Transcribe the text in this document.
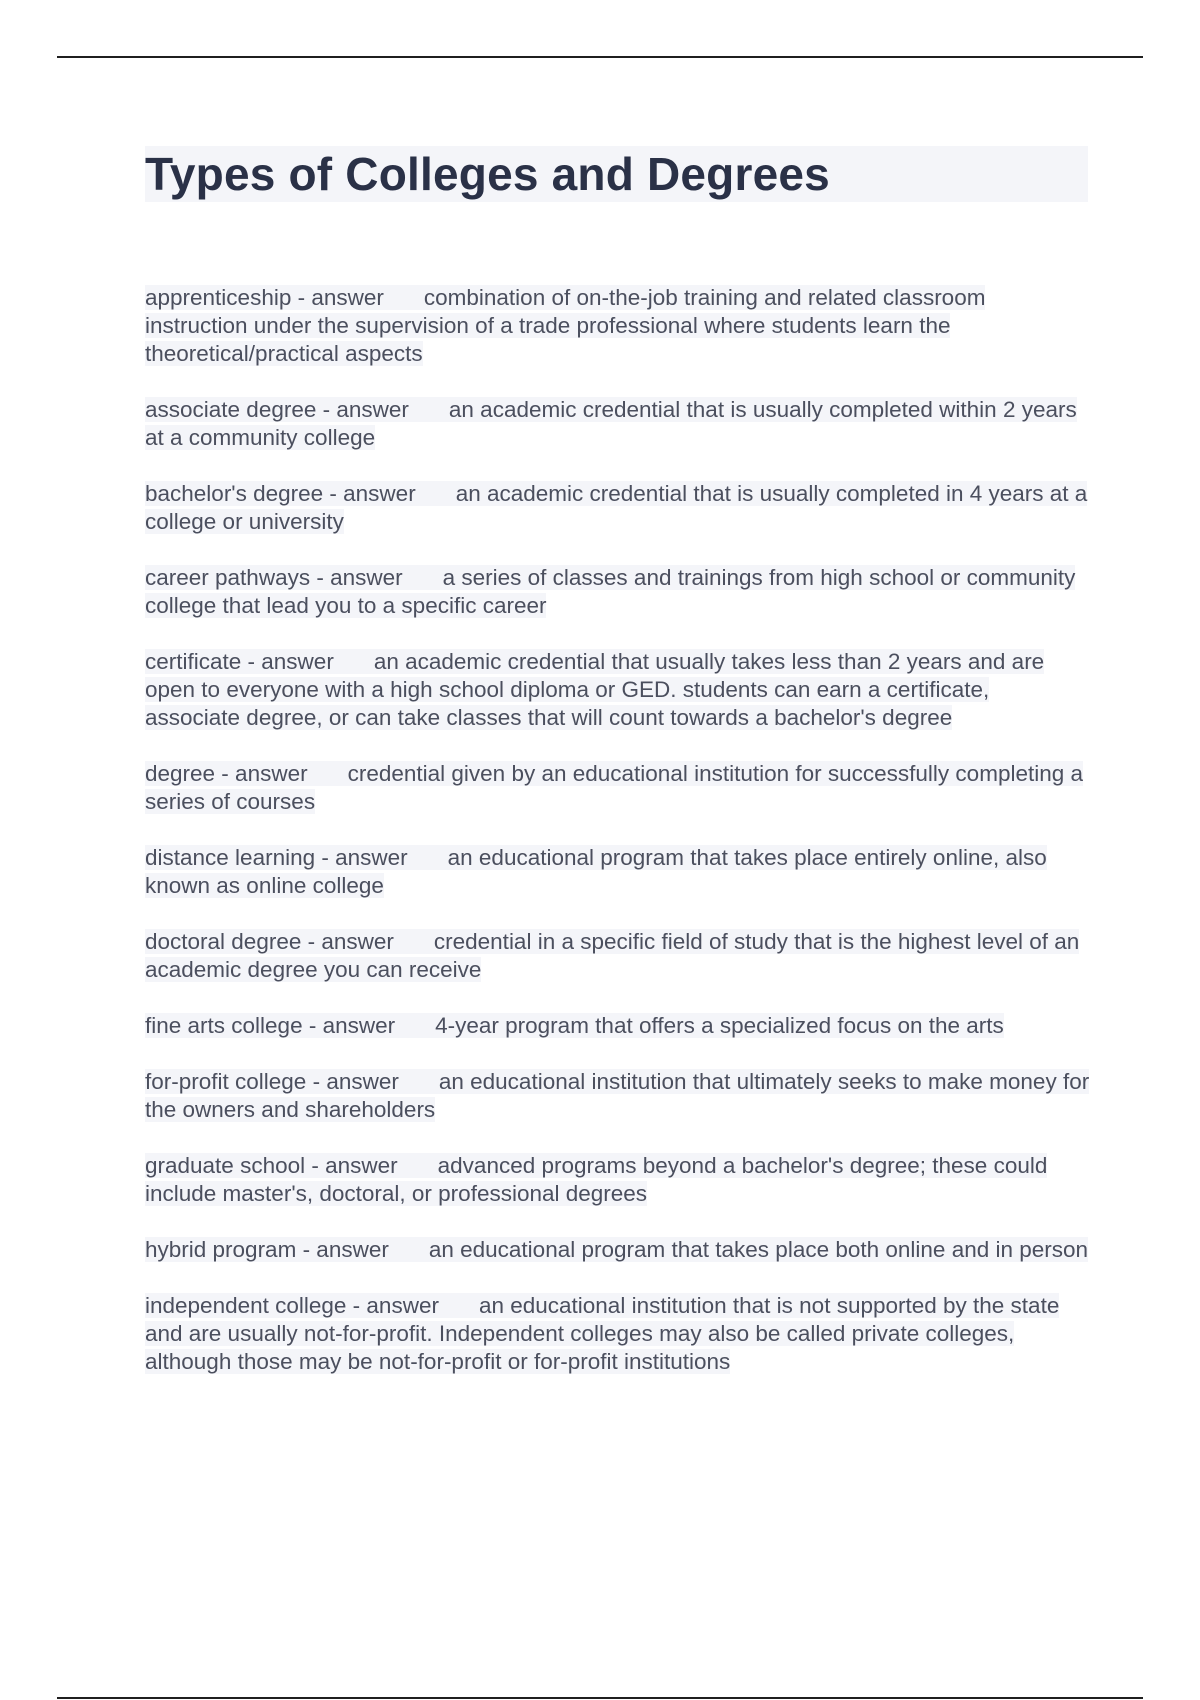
Types of Colleges and Degrees

apprenticeship - answer combination of on-the-job training and related classroom instruction under the supervision of a trade professional where students learn the theoretical/practical aspects

associate degree - answer an academic credential that is usually completed within 2 years at a community college

bachelor's degree - answer an academic credential that is usually completed in 4 years at a college or university

career pathways - answer a series of classes and trainings from high school or community college that lead you to a specific career

certificate - answer an academic credential that usually takes less than 2 years and are open to everyone with a high school diploma or GED. students can earn a certificate, associate degree, or can take classes that will count towards a bachelor's degree

degree - answer credential given by an educational institution for successfully completing a series of courses

distance learning - answer an educational program that takes place entirely online, also known as online college

doctoral degree - answer credential in a specific field of study that is the highest level of an academic degree you can receive

fine arts college - answer 4-year program that offers a specialized focus on the arts

for-profit college - answer an educational institution that ultimately seeks to make money for the owners and shareholders

graduate school - answer advanced programs beyond a bachelor's degree; these could include master's, doctoral, or professional degrees

hybrid program - answer an educational program that takes place both online and in person

independent college - answer an educational institution that is not supported by the state and are usually not-for-profit. Independent colleges may also be called private colleges, although those may be not-for-profit or for-profit institutions
